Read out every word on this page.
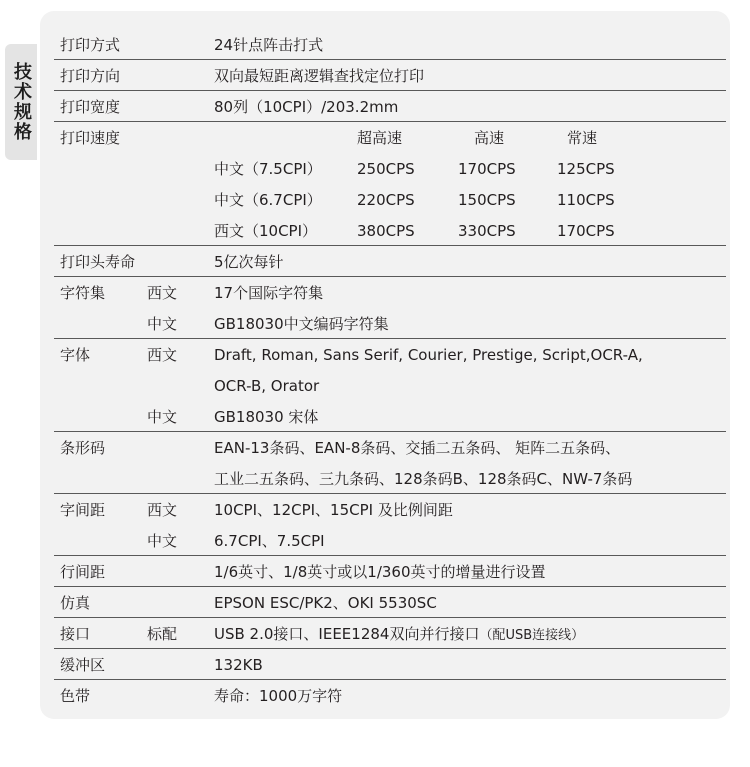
技术规格
打印方式	24针点阵击打式
打印方向	双向最短距离逻辑查找定位打印
打印宽度	80列（10CPI）/203.2mm
打印速度	超高速	高速	常速
中文（7.5CPI） 250CPS	170CPS	125CPS
中文（6.7CPI） 220CPS	150CPS	110CPS
西文（10CPI）	380CPS	330CPS	170CPS
打印头寿命	5亿次每针
字符集	西文 17个国际字符集
中文 GB18030中文编码字符集
字体	西文 Draft, Roman, Sans Serif, Courier, Prestige, Script,OCR-A,
OCR-B, Orator
中文 GB18030 宋体
条形码	EAN-13条码、EAN-8条码、交插二五条码、 矩阵二五条码、
工业二五条码、三九条码、128条码B、128条码C、NW-7条码
字间距	西文 10CPI、12CPI、15CPI 及比例间距
中文 6.7CPI、7.5CPI
行间距	1/6英寸、1/8英寸或以1/360英寸的增量进行设置
仿真	EPSON ESC/PK2、OKI 5530SC
接口	标配 USB 2.0接口、IEEE1284双向并行接口（配USB连接线）
缓冲区	132KB
色带	寿命：1000万字符
